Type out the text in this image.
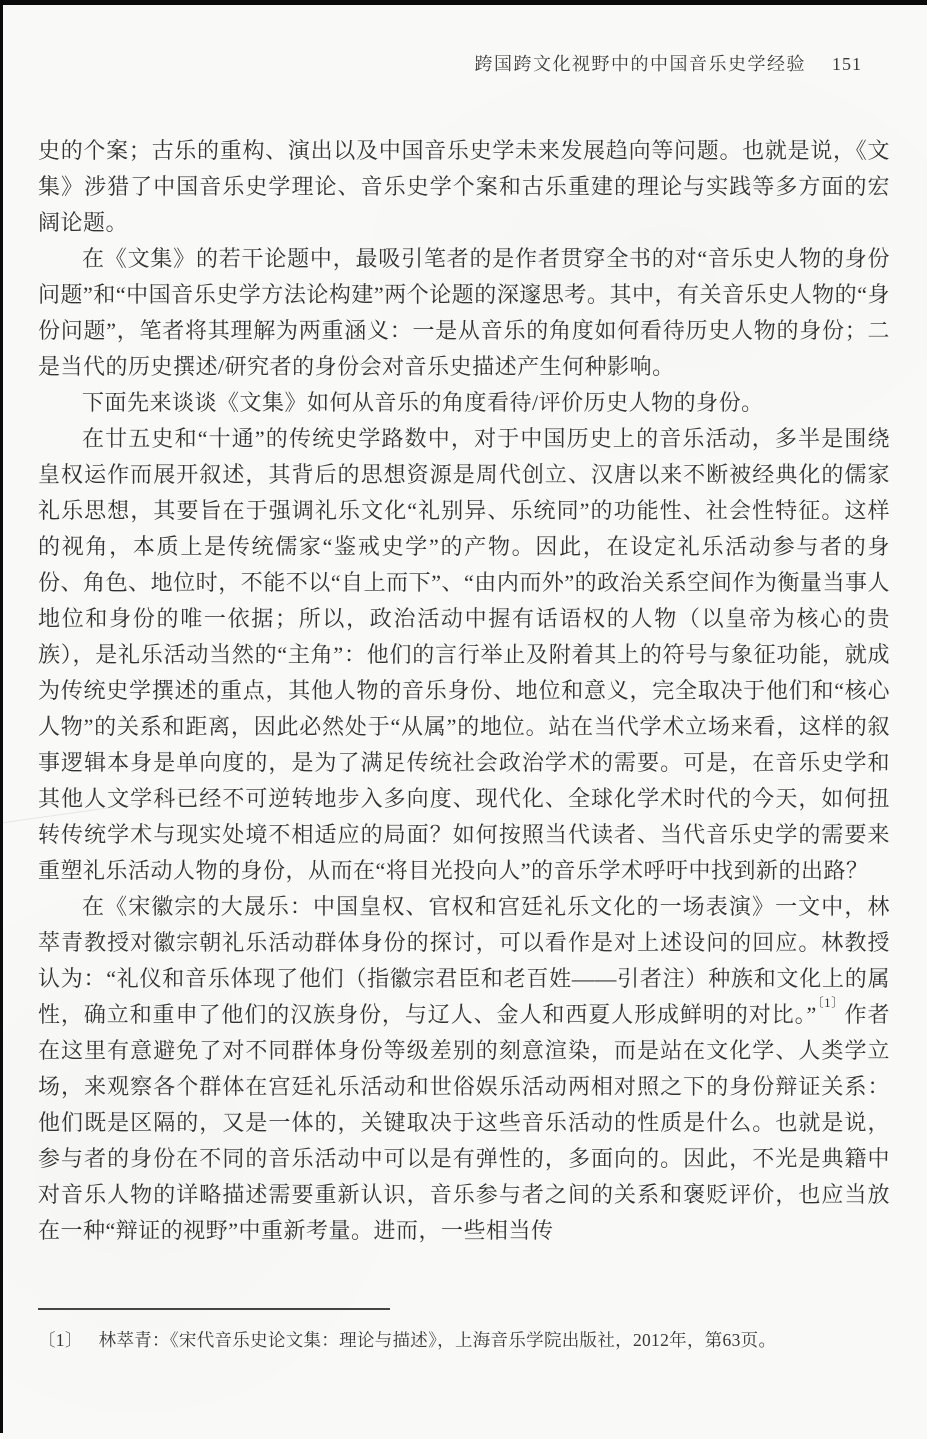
跨国跨文化视野中的中国音乐史学经验 151

史的个案；古乐的重构、演出以及中国音乐史学未来发展趋向等问题。也就是说，《文集》涉猎了中国音乐史学理论、音乐史学个案和古乐重建的理论与实践等多方面的宏阔论题。

在《文集》的若干论题中，最吸引笔者的是作者贯穿全书的对“音乐史人物的身份问题”和“中国音乐史学方法论构建”两个论题的深邃思考。其中，有关音乐史人物的“身份问题”，笔者将其理解为两重涵义：一是从音乐的角度如何看待历史人物的身份；二是当代的历史撰述/研究者的身份会对音乐史描述产生何种影响。

下面先来谈谈《文集》如何从音乐的角度看待/评价历史人物的身份。

在廿五史和“十通”的传统史学路数中，对于中国历史上的音乐活动，多半是围绕皇权运作而展开叙述，其背后的思想资源是周代创立、汉唐以来不断被经典化的儒家礼乐思想，其要旨在于强调礼乐文化“礼别异、乐统同”的功能性、社会性特征。这样的视角，本质上是传统儒家“鉴戒史学”的产物。因此，在设定礼乐活动参与者的身份、角色、地位时，不能不以“自上而下”、“由内而外”的政治关系空间作为衡量当事人地位和身份的唯一依据；所以，政治活动中握有话语权的人物（以皇帝为核心的贵族），是礼乐活动当然的“主角”：他们的言行举止及附着其上的符号与象征功能，就成为传统史学撰述的重点，其他人物的音乐身份、地位和意义，完全取决于他们和“核心人物”的关系和距离，因此必然处于“从属”的地位。站在当代学术立场来看，这样的叙事逻辑本身是单向度的，是为了满足传统社会政治学术的需要。可是，在音乐史学和其他人文学科已经不可逆转地步入多向度、现代化、全球化学术时代的今天，如何扭转传统学术与现实处境不相适应的局面？如何按照当代读者、当代音乐史学的需要来重塑礼乐活动人物的身份，从而在“将目光投向人”的音乐学术呼吁中找到新的出路？

在《宋徽宗的大晟乐：中国皇权、官权和宫廷礼乐文化的一场表演》一文中，林萃青教授对徽宗朝礼乐活动群体身份的探讨，可以看作是对上述设问的回应。林教授认为：“礼仪和音乐体现了他们（指徽宗君臣和老百姓——引者注）种族和文化上的属性，确立和重申了他们的汉族身份，与辽人、金人和西夏人形成鲜明的对比。”$^{〔1〕}$作者在这里有意避免了对不同群体身份等级差别的刻意渲染，而是站在文化学、人类学立场，来观察各个群体在宫廷礼乐活动和世俗娱乐活动两相对照之下的身份辩证关系：他们既是区隔的，又是一体的，关键取决于这些音乐活动的性质是什么。也就是说，参与者的身份在不同的音乐活动中可以是有弹性的，多面向的。因此，不光是典籍中对音乐人物的详略描述需要重新认识，音乐参与者之间的关系和褒贬评价，也应当放在一种“辩证的视野”中重新考量。进而，一些相当传

〔1〕 林萃青：《宋代音乐史论文集：理论与描述》，上海音乐学院出版社，2012年，第63页。
